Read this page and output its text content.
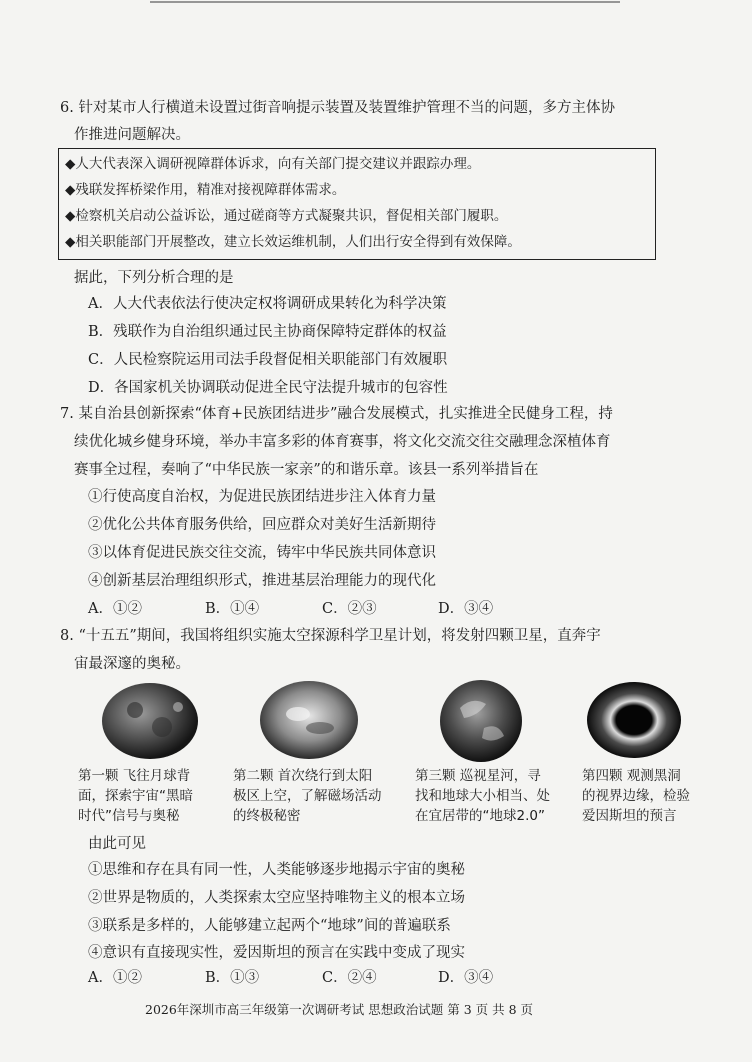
6. 针对某市人行横道未设置过街音响提示装置及装置维护管理不当的问题，多方主体协
作推进问题解决。
◆人大代表深入调研视障群体诉求，向有关部门提交建议并跟踪办理。
◆残联发挥桥梁作用，精准对接视障群体需求。
◆检察机关启动公益诉讼，通过磋商等方式凝聚共识，督促相关部门履职。
◆相关职能部门开展整改，建立长效运维机制，人们出行安全得到有效保障。
据此，下列分析合理的是
A．人大代表依法行使决定权将调研成果转化为科学决策
B．残联作为自治组织通过民主协商保障特定群体的权益
C．人民检察院运用司法手段督促相关职能部门有效履职
D．各国家机关协调联动促进全民守法提升城市的包容性
7. 某自治县创新探索“体育+民族团结进步”融合发展模式，扎实推进全民健身工程，持
续优化城乡健身环境，举办丰富多彩的体育赛事，将文化交流交往交融理念深植体育
赛事全过程，奏响了“中华民族一家亲”的和谐乐章。该县一系列举措旨在
①行使高度自治权，为促进民族团结进步注入体育力量
②优化公共体育服务供给，回应群众对美好生活新期待
③以体育促进民族交往交流，铸牢中华民族共同体意识
④创新基层治理组织形式，推进基层治理能力的现代化
A．①②	B．①④	C．②③	D．③④
8. “十五五”期间，我国将组织实施太空探源科学卫星计划，将发射四颗卫星，直奔宇
宙最深邃的奥秘。
第一颗 飞往月球背
面，探索宇宙“黑暗
时代”信号与奥秘
第二颗 首次绕行到太阳
极区上空，了解磁场活动
的终极秘密
第三颗 巡视星河，寻
找和地球大小相当、处
在宜居带的“地球2.0”
第四颗 观测黑洞
的视界边缘，检验
爱因斯坦的预言
由此可见
①思维和存在具有同一性，人类能够逐步地揭示宇宙的奥秘
②世界是物质的，人类探索太空应坚持唯物主义的根本立场
③联系是多样的，人能够建立起两个“地球”间的普遍联系
④意识有直接现实性，爱因斯坦的预言在实践中变成了现实
A．①②	B．①③	C．②④	D．③④
2026年深圳市高三年级第一次调研考试 思想政治试题 第 3 页 共 8 页
